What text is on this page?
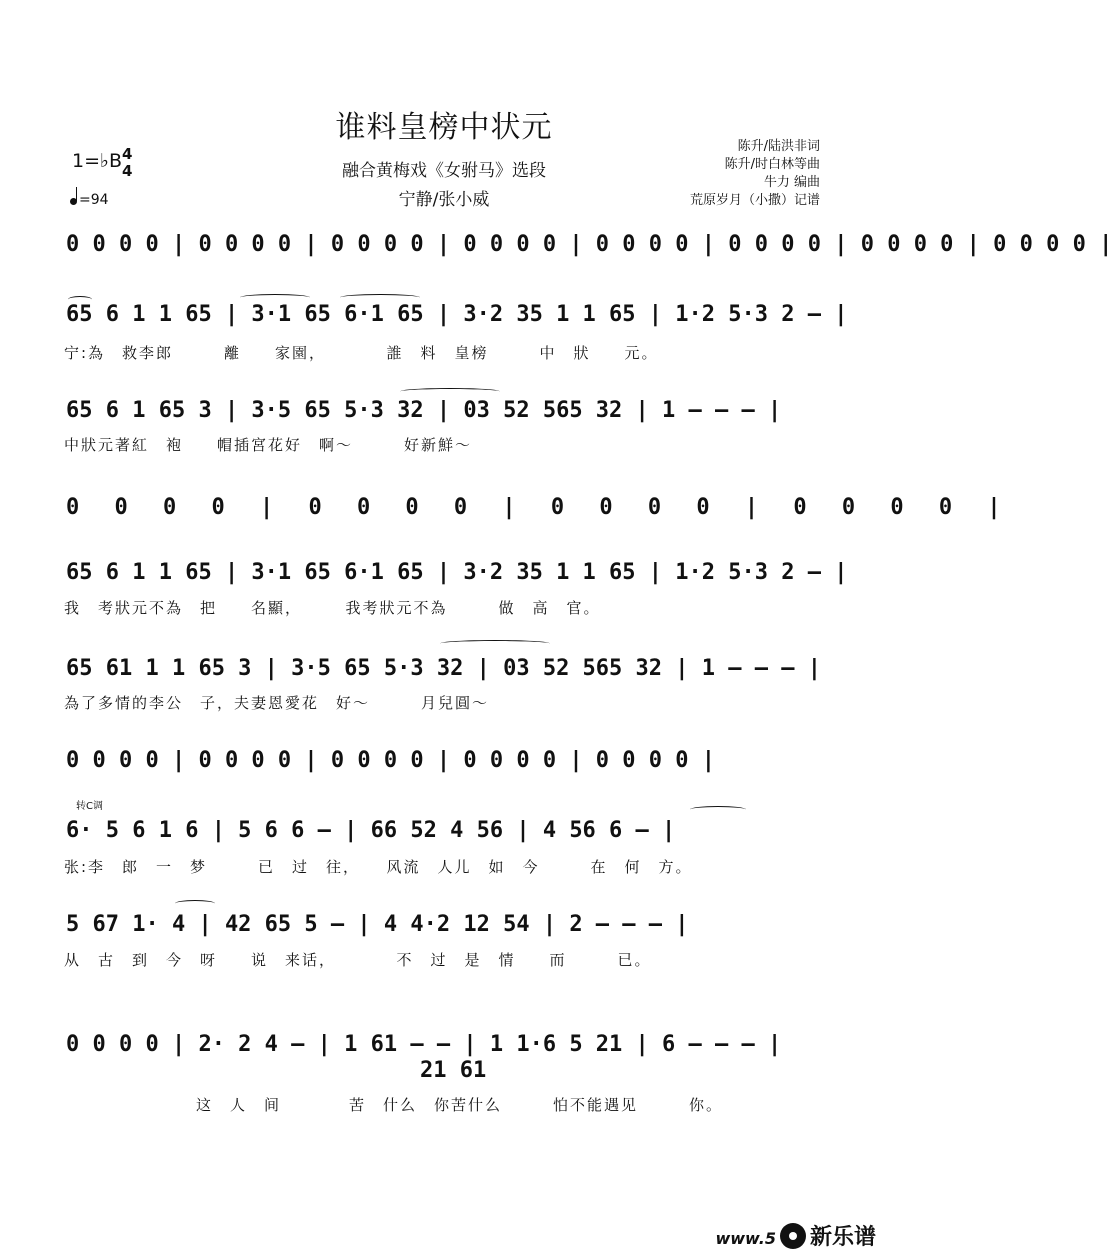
谁料皇榜中状元
融合黄梅戏《女驸马》选段
宁静/张小威
陈升/陆洪非词
陈升/时白林等曲
牛力 编曲
荒原岁月（小撒）记谱
1=♭B 4
4
=94
0 0 0 0 | 0 0 0 0 | 0 0 0 0 | 0 0 0 0 | 0 0 0 0 | 0 0 0 0 | 0 0 0 0 | 0 0 0 0 |
65 6 1 1 65 | 3·1 65 6·1 65 | 3·2 35 1 1 65 | 1·2 5·3 2 – |
宁:為　救李郎　　　離　　家園，　　　　誰　料　皇榜　　　中　狀　　元。
65 6 1 65 3 | 3·5 65 5·3 32 | 03 52 565 32 | 1 – – – |
中狀元著紅　袍　　帽插宮花好　啊～　　　好新鮮～
0　 0　 0　 0　 |　 0　 0　 0　 0　 |　 0　 0　 0　 0　 |　 0　 0　 0　 0　 |
65 6 1 1 65 | 3·1 65 6·1 65 | 3·2 35 1 1 65 | 1·2 5·3 2 – |
我　考狀元不為　把　　名顯，　　　我考狀元不為　　　做　高　官。
65 61 1 1 65 3 | 3·5 65 5·3 32 | 03 52 565 32 | 1 – – – |
為了多情的李公　子，夫妻恩愛花　好～　　　月兒圓～
0 0 0 0 | 0 0 0 0 | 0 0 0 0 | 0 0 0 0 | 0 0 0 0 |
转C调
6· 5 6 1 6 | 5 6 6 – | 66 52 4 56 | 4 56 6 – |
张:李　郎　一　梦　　　已　过　往，　　风流　人儿　如　今　　　在　何　方。
5 67 1· 4 | 42 65 5 – | 4 4·2 12 54 | 2 – – – |
从　古　到　今　呀　　说　来话，　　　　不　过　是　情　　而　　　已。
0 0 0 0 | 2· 2 4 – | 1 61 – – | 1 1·6 5 21 | 6 – – – |
21 61
这　人　间　　　　苦　什么　你苦什么　　　怕不能遇见　　　你。
www.5 新乐谱
